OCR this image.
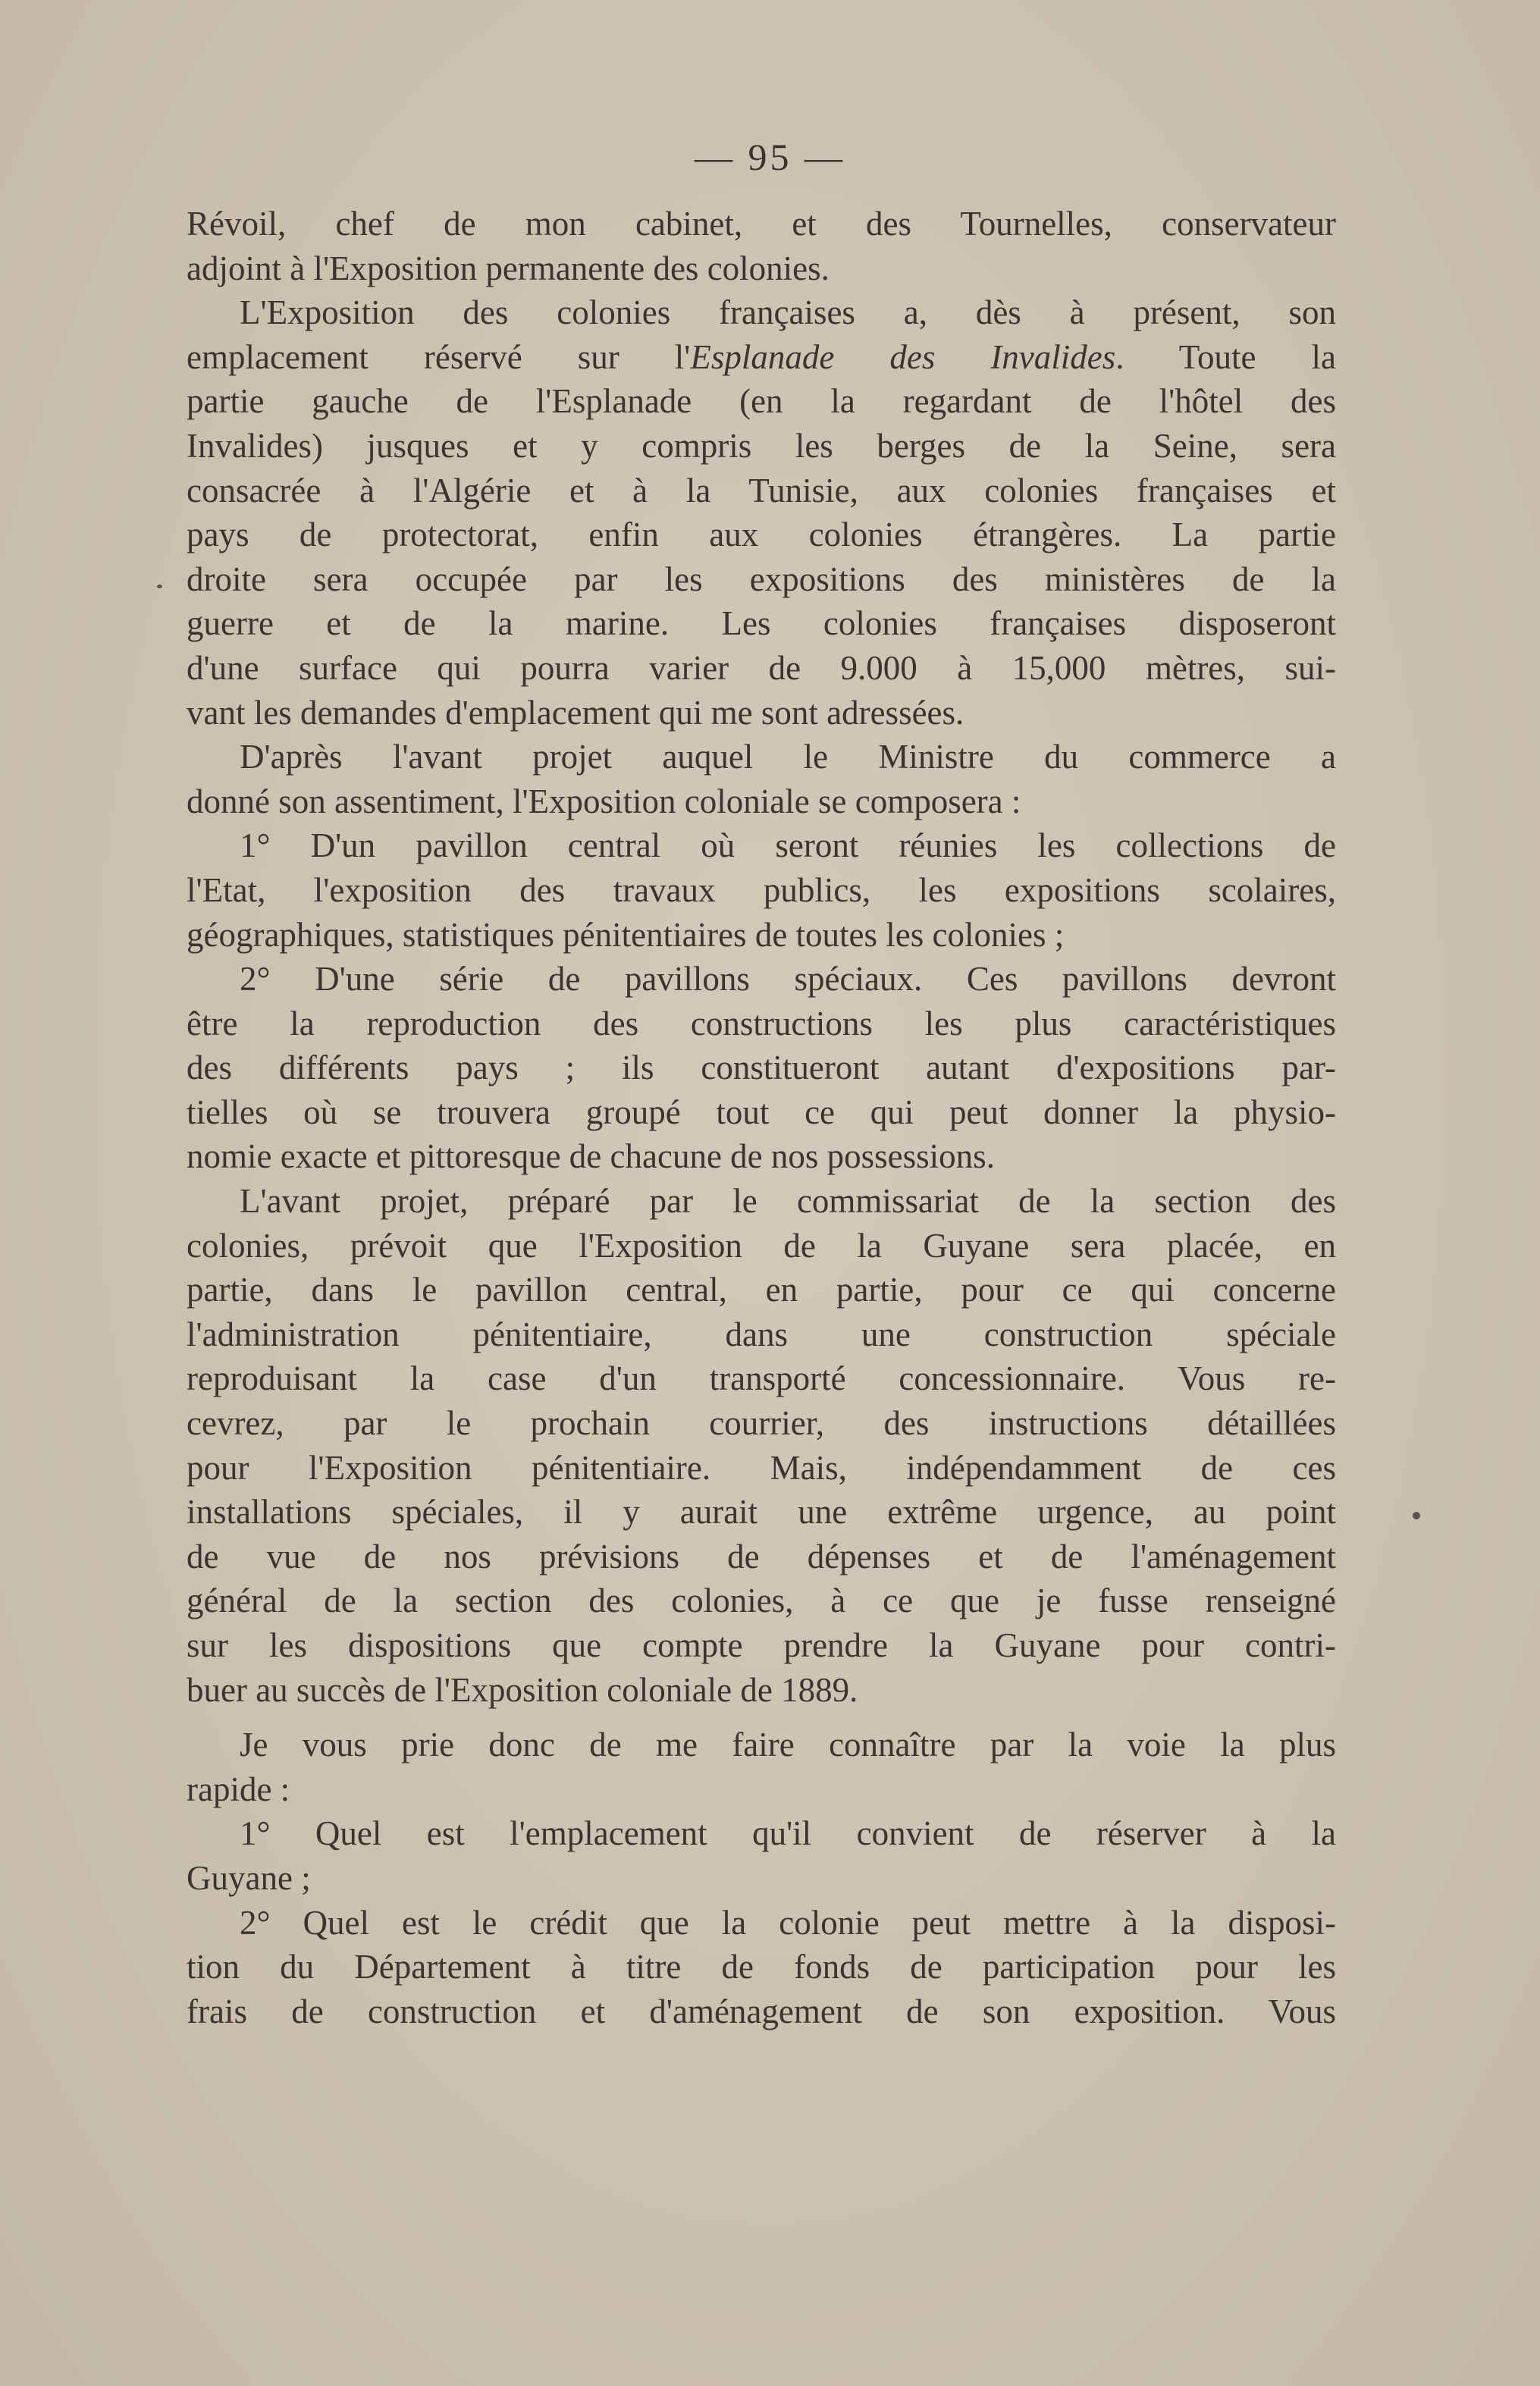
— 95 —
Révoil, chef de mon cabinet, et des Tournelles, conservateur
adjoint à l'Exposition permanente des colonies.
L'Exposition des colonies françaises a, dès à présent, son
emplacement réservé sur l'Esplanade des Invalides. Toute la
partie gauche de l'Esplanade (en la regardant de l'hôtel des
Invalides) jusques et y compris les berges de la Seine, sera
consacrée à l'Algérie et à la Tunisie, aux colonies françaises et
pays de protectorat, enfin aux colonies étrangères. La partie
droite sera occupée par les expositions des ministères de la
guerre et de la marine. Les colonies françaises disposeront
d'une surface qui pourra varier de 9.000 à 15,000 mètres, sui-
vant les demandes d'emplacement qui me sont adressées.
D'après l'avant projet auquel le Ministre du commerce a
donné son assentiment, l'Exposition coloniale se composera :
1° D'un pavillon central où seront réunies les collections de
l'Etat, l'exposition des travaux publics, les expositions scolaires,
géographiques, statistiques pénitentiaires de toutes les colonies ;
2° D'une série de pavillons spéciaux. Ces pavillons devront
être la reproduction des constructions les plus caractéristiques
des différents pays ; ils constitueront autant d'expositions par-
tielles où se trouvera groupé tout ce qui peut donner la physio-
nomie exacte et pittoresque de chacune de nos possessions.
L'avant projet, préparé par le commissariat de la section des
colonies, prévoit que l'Exposition de la Guyane sera placée, en
partie, dans le pavillon central, en partie, pour ce qui concerne
l'administration pénitentiaire, dans une construction spéciale
reproduisant la case d'un transporté concessionnaire. Vous re-
cevrez, par le prochain courrier, des instructions détaillées
pour l'Exposition pénitentiaire. Mais, indépendamment de ces
installations spéciales, il y aurait une extrême urgence, au point
de vue de nos prévisions de dépenses et de l'aménagement
général de la section des colonies, à ce que je fusse renseigné
sur les dispositions que compte prendre la Guyane pour contri-
buer au succès de l'Exposition coloniale de 1889.
Je vous prie donc de me faire connaître par la voie la plus
rapide :
1° Quel est l'emplacement qu'il convient de réserver à la
Guyane ;
2° Quel est le crédit que la colonie peut mettre à la disposi-
tion du Département à titre de fonds de participation pour les
frais de construction et d'aménagement de son exposition. Vous
